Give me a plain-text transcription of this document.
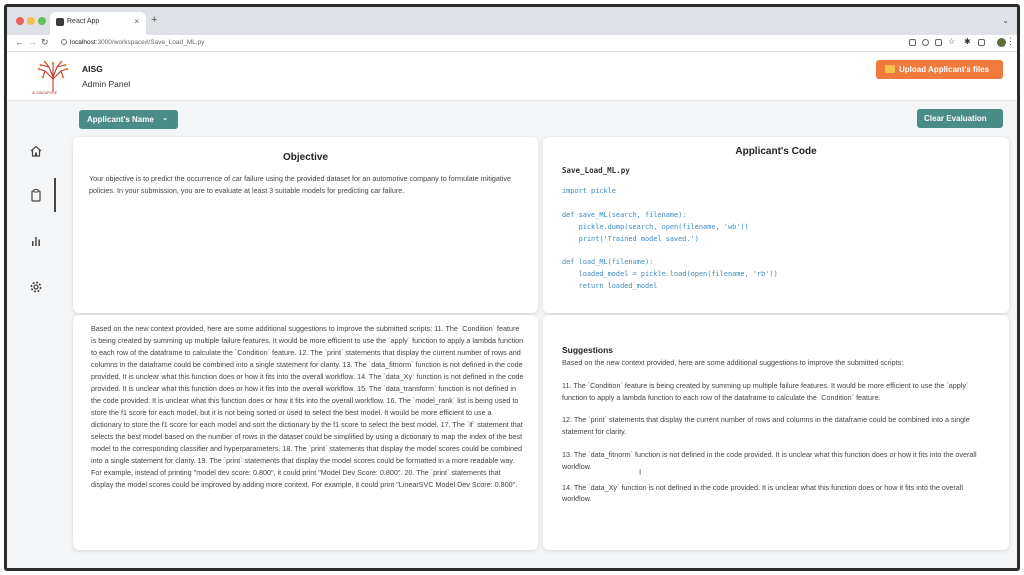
React App	× +	⌄
← → ↻	localhost:3000/workspace#/Save_Load_ML.py	☆ ✱	⋮
AI SINGAPORE
AISG
Admin Panel
Upload Applicant's files
Applicant's Name ⌄	Clear Evaluation
Objective
Your objective is to predict the occurrence of car failure using the provided dataset for an automotive company to formulate mitigative policies. In your submission, you are to evaluate at least 3 suitable models for predicting car failure.
Applicant's Code
Save_Load_ML.py
import pickle

def save_ML(search, filename):
pickle.dump(search, open(filename, 'wb'))
print('Trained model saved.')

def load_ML(filename):
loaded_model = pickle.load(open(filename, 'rb'))
return loaded_model
Based on the new context provided, here are some additional suggestions to improve the submitted scripts: 11. The `Condition` feature is being created by summing up multiple failure features. It would be more efficient to use the `apply` function to apply a lambda function to each row of the dataframe to calculate the `Condition` feature. 12. The `print` statements that display the current number of rows and columns in the dataframe could be combined into a single statement for clarity. 13. The `data_fitnorm` function is not defined in the code provided. It is unclear what this function does or how it fits into the overall workflow. 14. The `data_Xy` function is not defined in the code provided. It is unclear what this function does or how it fits into the overall workflow. 15. The `data_transform` function is not defined in the code provided. It is unclear what this function does or how it fits into the overall workflow. 16. The `model_rank` list is being used to store the f1 score for each model, but it is not being sorted or used to select the best model. It would be more efficient to use a dictionary to store the f1 score for each model and sort the dictionary by the f1 score to select the best model. 17. The `if` statement that selects the best model based on the number of rows in the dataset could be simplified by using a dictionary to map the index of the best model to the corresponding classifier and hyperparameters. 18. The `print` statements that display the model scores could be combined into a single statement for clarity. 19. The `print` statements that display the model scores could be formatted in a more readable way. For example, instead of printing "model dev score: 0.800", it could print "Model Dev Score: 0.800". 20. The `print` statements that display the model scores could be improved by adding more context. For example, it could print "LinearSVC Model Dev Score: 0.800".
Suggestions

Based on the new context provided, here are some additional suggestions to improve the submitted scripts:

11. The `Condition` feature is being created by summing up multiple failure features. It would be more efficient to use the `apply` function to apply a lambda function to each row of the dataframe to calculate the `Condition` feature.

12. The `print` statements that display the current number of rows and columns in the dataframe could be combined into a single statement for clarity.

13. The `data_fitnorm` function is not defined in the code provided. It is unclear what this function does or how it fits into the overall workflow.

14. The `data_Xy` function is not defined in the code provided. It is unclear what this function does or how it fits into the overall workflow.

I
